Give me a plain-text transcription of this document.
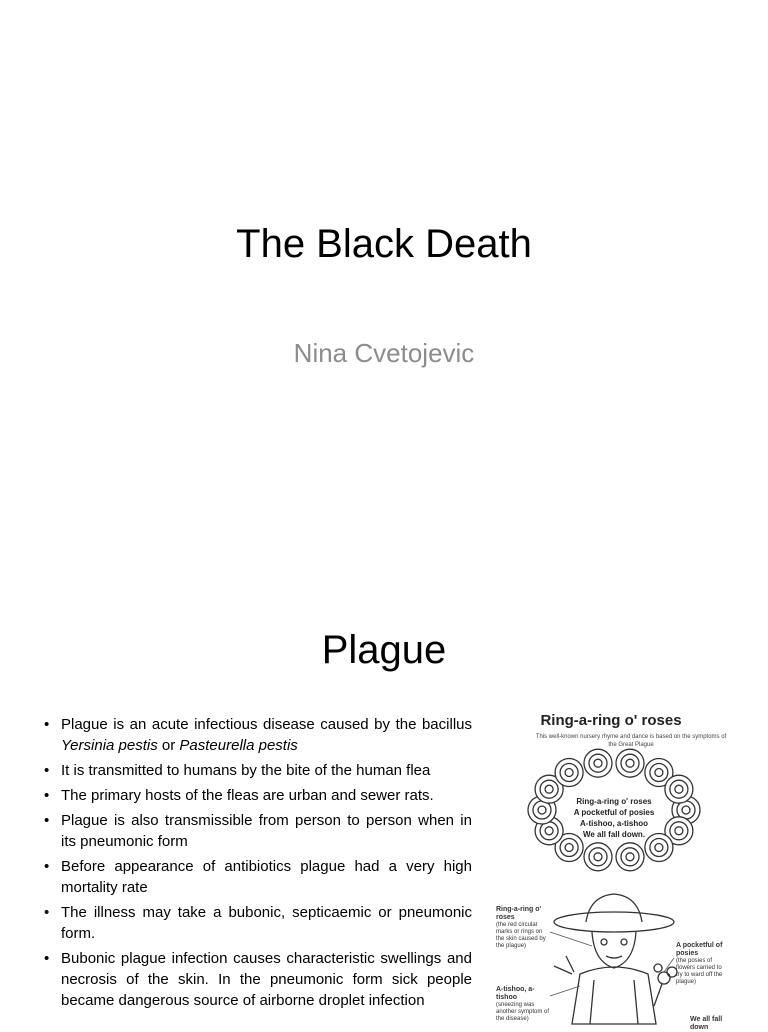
The Black Death

Nina Cvetojevic

Plague
• Plague is an acute infectious disease caused by the bacillus Yersinia pestis or Pasteurella pestis
• It is transmitted to humans by the bite of the human flea
• The primary hosts of the fleas are urban and sewer rats.
• Plague is also transmissible from person to person when in its pneumonic form
• Before appearance of antibiotics plague had a very high mortality rate
• The illness may take a bubonic, septicaemic or pneumonic form.
• Bubonic plague infection causes characteristic swellings and necrosis of the skin. In the pneumonic form sick people became dangerous source of airborne droplet infection
Ring-a-ring o' roses
This well-known nursery rhyme and dance is based on the symptoms of the Great Plague
Ring-a-ring o' roses
A pocketful of posies
A-tishoo, a-tishoo
We all fall down.
Ring-a-ring o' roses
(the red circular marks or rings on the skin caused by the plague)	A pocketful of posies
(the posies of flowers carried to try to ward off the plague)
A-tishoo, a-tishoo
(sneezing was another symptom of the disease)	We all fall down
